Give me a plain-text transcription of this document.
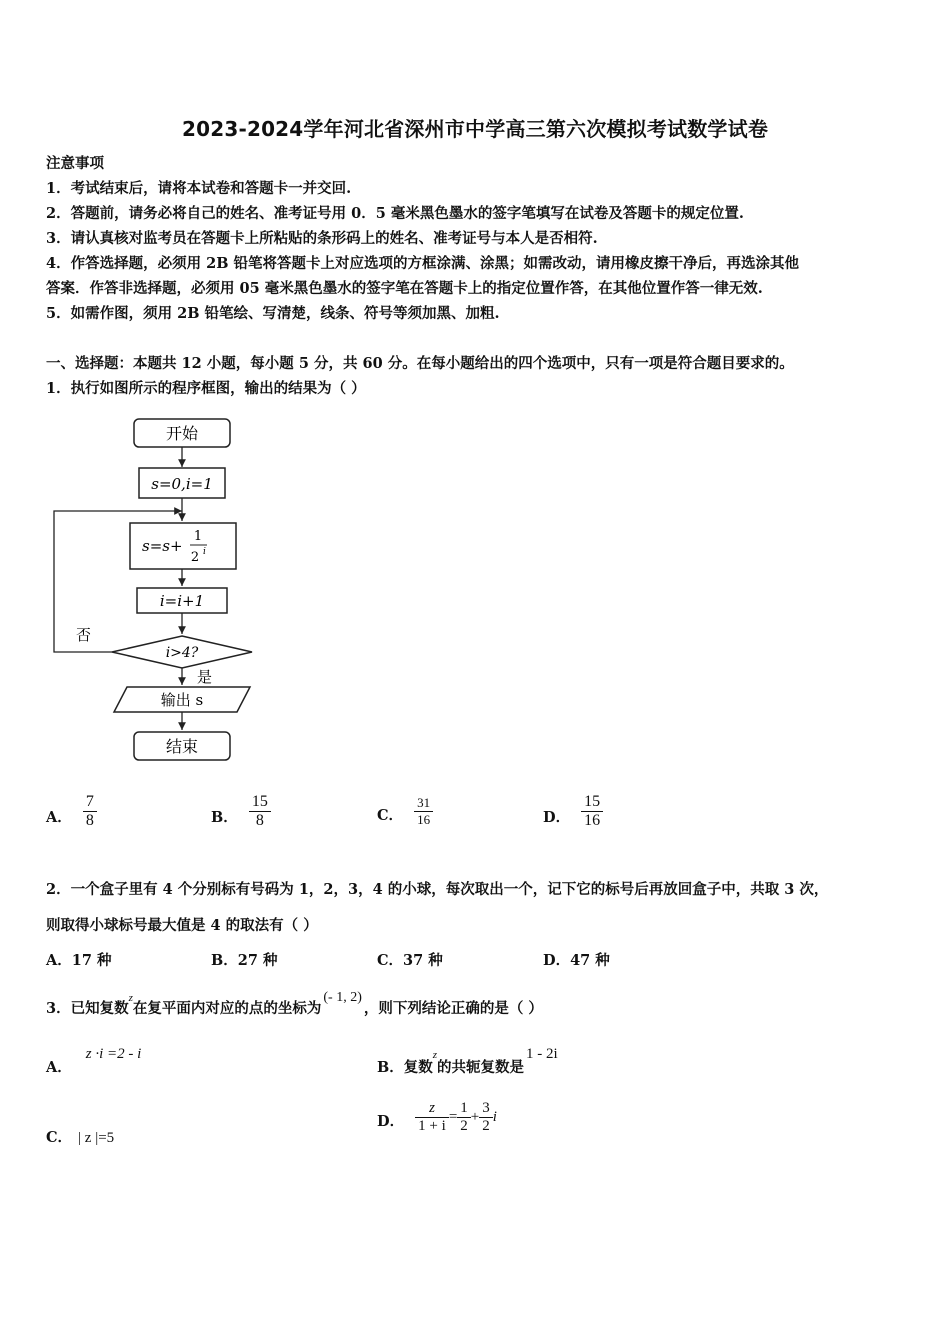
2023-2024学年河北省深州市中学高三第六次模拟考试数学试卷
注意事项
1．考试结束后，请将本试卷和答题卡一并交回.
2．答题前，请务必将自己的姓名、准考证号用 0．5 毫米黑色墨水的签字笔填写在试卷及答题卡的规定位置.
3．请认真核对监考员在答题卡上所粘贴的条形码上的姓名、准考证号与本人是否相符.
4．作答选择题，必须用 2B 铅笔将答题卡上对应选项的方框涂满、涂黑；如需改动，请用橡皮擦干净后，再选涂其他
答案．作答非选择题，必须用 05 毫米黑色墨水的签字笔在答题卡上的指定位置作答，在其他位置作答一律无效.
5．如需作图，须用 2B 铅笔绘、写清楚，线条、符号等须加黑、加粗.
一、选择题：本题共 12 小题，每小题 5 分，共 60 分。在每小题给出的四个选项中，只有一项是符合题目要求的。
1．执行如图所示的程序框图，输出的结果为（ ）
开始
s=0,i=1
s=s+
1
2 i
i=i+1
i>4?
否
是
输出 s
结束
A． $\frac{7}{8}$	B． $\frac{15}{8}$	C． $\frac{31}{16}$	D． $\frac{15}{16}$
2．一个盒子里有 4 个分别标有号码为 1，2，3，4 的小球，每次取出一个，记下它的标号后再放回盒子中，共取 3 次，
则取得小球标号最大值是 4 的取法有（ ）
A．17 种	B．27 种	C．37 种	D．47 种
3．已知复数z在复平面内对应的点的坐标为(- 1, 2)，则下列结论正确的是（ ）
A．z ·i =2 - i
B．复数z的共轭复数是1 - 2i
C． | z |=5
D． $\frac{z}{1 + i} = \frac{1}{2} + \frac{3}{2}$ i
